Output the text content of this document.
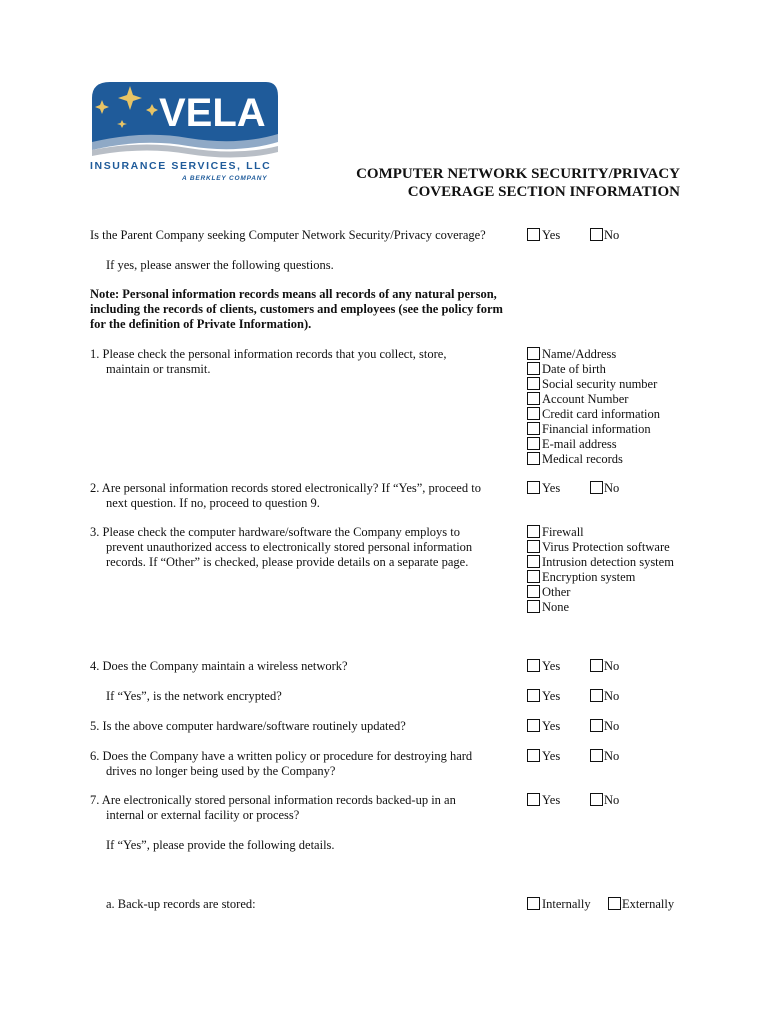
VELA
INSURANCE SERVICES, LLC
A BERKLEY COMPANY	COMPUTER NETWORK SECURITY/PRIVACY
COVERAGE SECTION INFORMATION
Is the Parent Company seeking Computer Network Security/Privacy coverage?	Yes	No
If yes, please answer the following questions.
Note: Personal information records means all records of any natural person,
including the records of clients, customers and employees (see the policy form
for the definition of Private Information).
1. Please check the personal information records that you collect, store,
maintain or transmit.
Name/Address
Date of birth
Social security number
Account Number
Credit card information
Financial information
E-mail address
Medical records
2. Are personal information records stored electronically? If “Yes”, proceed to
next question. If no, proceed to question 9.
Yes	No
3. Please check the computer hardware/software the Company employs to
prevent unauthorized access to electronically stored personal information
records. If “Other” is checked, please provide details on a separate page.
Firewall
Virus Protection software
Intrusion detection system
Encryption system
Other
None
4. Does the Company maintain a wireless network?	Yes	No
If “Yes”, is the network encrypted?	Yes	No
5. Is the above computer hardware/software routinely updated?	Yes	No
6. Does the Company have a written policy or procedure for destroying hard
drives no longer being used by the Company?
Yes	No
7. Are electronically stored personal information records backed-up in an
internal or external facility or process?
Yes	No
If “Yes”, please provide the following details.
a. Back-up records are stored:	Internally	Externally
